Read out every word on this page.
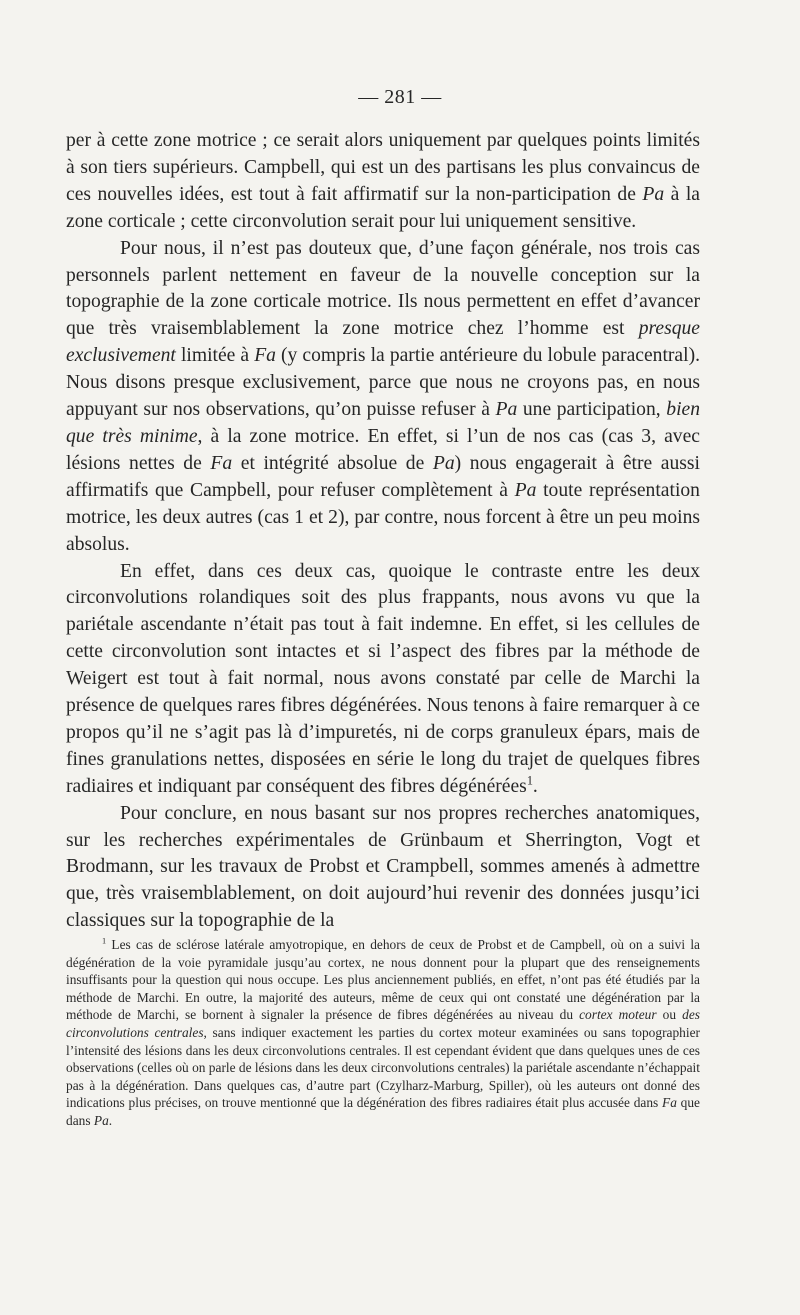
— 281 —

per à cette zone motrice ; ce serait alors uniquement par quelques points limités à son tiers supérieurs. Campbell, qui est un des partisans les plus convaincus de ces nouvelles idées, est tout à fait affirmatif sur la non-participation de Pa à la zone corticale ; cette circonvolution serait pour lui uniquement sensitive.

Pour nous, il n’est pas douteux que, d’une façon générale, nos trois cas personnels parlent nettement en faveur de la nouvelle conception sur la topographie de la zone corticale motrice. Ils nous permettent en effet d’avancer que très vraisemblablement la zone motrice chez l’homme est presque exclusivement limitée à Fa (y compris la partie antérieure du lobule paracentral). Nous disons presque exclusivement, parce que nous ne croyons pas, en nous appuyant sur nos observations, qu’on puisse refuser à Pa une participation, bien que très minime, à la zone motrice. En effet, si l’un de nos cas (cas 3, avec lésions nettes de Fa et intégrité absolue de Pa) nous engagerait à être aussi affirmatifs que Campbell, pour refuser complètement à Pa toute représentation motrice, les deux autres (cas 1 et 2), par contre, nous forcent à être un peu moins absolus.

En effet, dans ces deux cas, quoique le contraste entre les deux circonvolutions rolandiques soit des plus frappants, nous avons vu que la pariétale ascendante n’était pas tout à fait indemne. En effet, si les cellules de cette circonvolution sont intactes et si l’aspect des fibres par la méthode de Weigert est tout à fait normal, nous avons constaté par celle de Marchi la présence de quelques rares fibres dégénérées. Nous tenons à faire remarquer à ce propos qu’il ne s’agit pas là d’impuretés, ni de corps granuleux épars, mais de fines granulations nettes, disposées en série le long du trajet de quelques fibres radiaires et indiquant par conséquent des fibres dégénérées$^1$.

Pour conclure, en nous basant sur nos propres recherches anatomiques, sur les recherches expérimentales de Grünbaum et Sherrington, Vogt et Brodmann, sur les travaux de Probst et Crampbell, sommes amenés à admettre que, très vraisemblablement, on doit aujourd’hui revenir des données jusqu’ici classiques sur la topographie de la

$^1$ Les cas de sclérose latérale amyotropique, en dehors de ceux de Probst et de Campbell, où on a suivi la dégénération de la voie pyramidale jusqu’au cortex, ne nous donnent pour la plupart que des renseignements insuffisants pour la question qui nous occupe. Les plus anciennement publiés, en effet, n’ont pas été étudiés par la méthode de Marchi. En outre, la majorité des auteurs, même de ceux qui ont constaté une dégénération par la méthode de Marchi, se bornent à signaler la présence de fibres dégénérées au niveau du cortex moteur ou des circonvolutions centrales, sans indiquer exactement les parties du cortex moteur examinées ou sans topographier l’intensité des lésions dans les deux circonvolutions centrales. Il est cependant évident que dans quelques unes de ces observations (celles où on parle de lésions dans les deux circonvolutions centrales) la pariétale ascendante n’échappait pas à la dégénération. Dans quelques cas, d’autre part (Czylharz-Marburg, Spiller), où les auteurs ont donné des indications plus précises, on trouve mentionné que la dégénération des fibres radiaires était plus accusée dans Fa que dans Pa.
